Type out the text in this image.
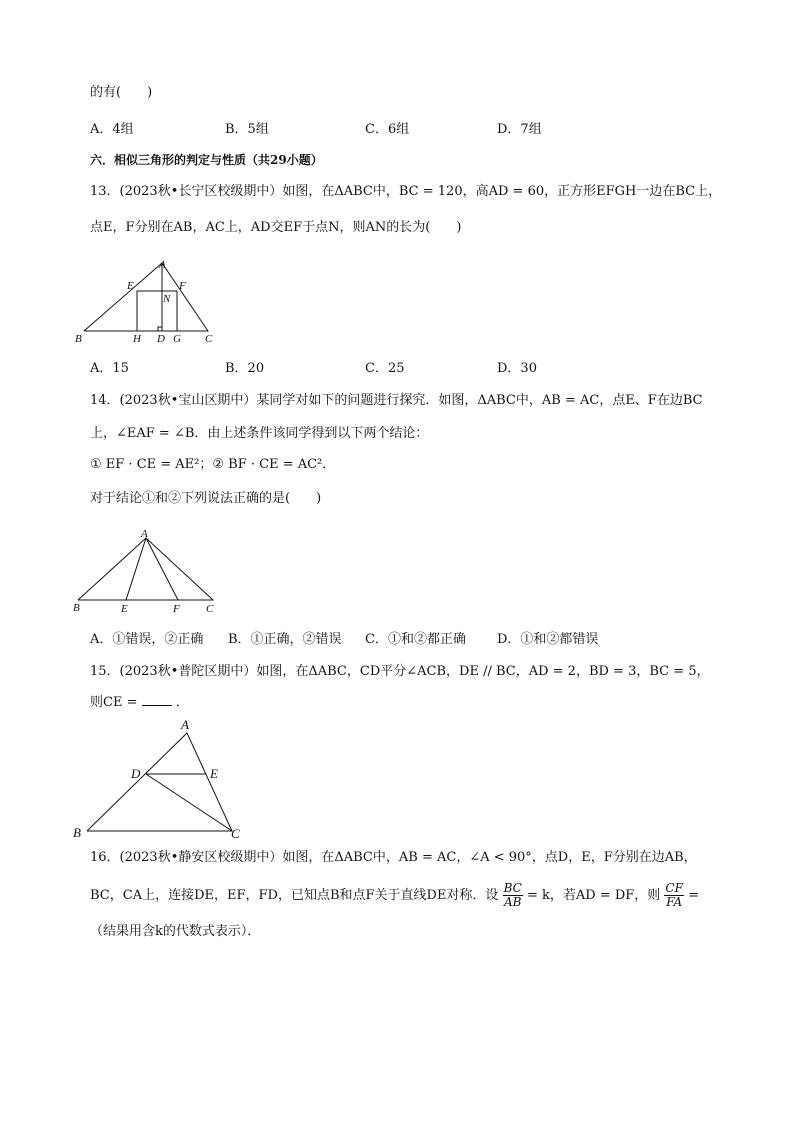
的有(　　)
A．4组	B．5组	C．6组	D．7组
六．相似三角形的判定与性质（共29小题）
13．(2023秋•长宁区校级期中）如图，在ΔABC中，BC = 120，高AD = 60，正方形EFGH一边在BC上，
点E，F分别在AB，AC上，AD交EF于点N，则AN的长为(　　)
A
E	F
N
B	H D G C
A
B	E	F C
A
D	E
B	C
A．15	B．20	C．25	D．30
14．(2023秋•宝山区期中）某同学对如下的问题进行探究．如图，ΔABC中，AB = AC，点E、F在边BC
上，∠EAF = ∠B．由上述条件该同学得到以下两个结论：
① EF · CE = AE²；② BF · CE = AC²．
对于结论①和②下列说法正确的是(　　)
A．①错误，②正确 B．①正确，②错误 C．①和②都正确 D．①和②都错误
15．(2023秋•普陀区期中）如图，在ΔABC，CD平分∠ACB，DE // BC，AD = 2，BD = 3，BC = 5，
则CE =	．
16．(2023秋•静安区校级期中）如图，在ΔABC中，AB = AC，∠A < 90°，点D，E，F分别在边AB，
BC，CA上，连接DE，EF，FD，已知点B和点F关于直线DE对称．设 $\frac{BC}{AB} = k$，若AD = DF，则 $\frac{CF}{FA}$ =
（结果用含k的代数式表示）．
